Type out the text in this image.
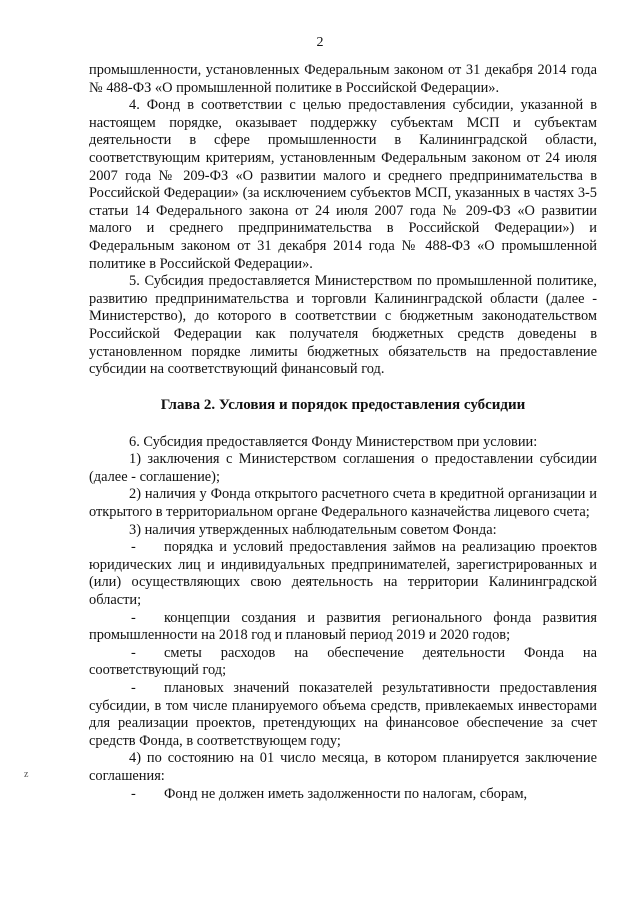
2

промышленности, установленных Федеральным законом от 31 декабря 2014 года № 488-ФЗ «О промышленной политике в Российской Федерации».

4. Фонд в соответствии с целью предоставления субсидии, указанной в настоящем порядке, оказывает поддержку субъектам МСП и субъектам деятельности в сфере промышленности в Калининградской области, соответствующим критериям, установленным Федеральным законом от 24 июля 2007 года № 209-ФЗ «О развитии малого и среднего предпринимательства в Российской Федерации» (за исключением субъектов МСП, указанных в частях 3-5 статьи 14 Федерального закона от 24 июля 2007 года № 209-ФЗ «О развитии малого и среднего предпринимательства в Российской Федерации») и Федеральным законом от 31 декабря 2014 года № 488-ФЗ «О промышленной политике в Российской Федерации».

5. Субсидия предоставляется Министерством по промышленной политике, развитию предпринимательства и торговли Калининградской области (далее - Министерство), до которого в соответствии с бюджетным законодательством Российской Федерации как получателя бюджетных средств доведены в установленном порядке лимиты бюджетных обязательств на предоставление субсидии на соответствующий финансовый год.

Глава 2. Условия и порядок предоставления субсидии

6. Субсидия предоставляется Фонду Министерством при условии:

1) заключения с Министерством соглашения о предоставлении субсидии (далее - соглашение);

2) наличия у Фонда открытого расчетного счета в кредитной организации и открытого в территориальном органе Федерального казначейства лицевого счета;

3) наличия утвержденных наблюдательным советом Фонда:

- порядка и условий предоставления займов на реализацию проектов юридических лиц и индивидуальных предпринимателей, зарегистрированных и (или) осуществляющих свою деятельность на территории Калининградской области;

- концепции создания и развития регионального фонда развития промышленности на 2018 год и плановый период 2019 и 2020 годов;

- сметы расходов на обеспечение деятельности Фонда на соответствующий год;

- плановых значений показателей результативности предоставления субсидии, в том числе планируемого объема средств, привлекаемых инвесторами для реализации проектов, претендующих на финансовое обеспечение за счет средств Фонда, в соответствующем году;

4) по состоянию на 01 число месяца, в котором планируется заключение соглашения:

- Фонд не должен иметь задолженности по налогам, сборам,

z
